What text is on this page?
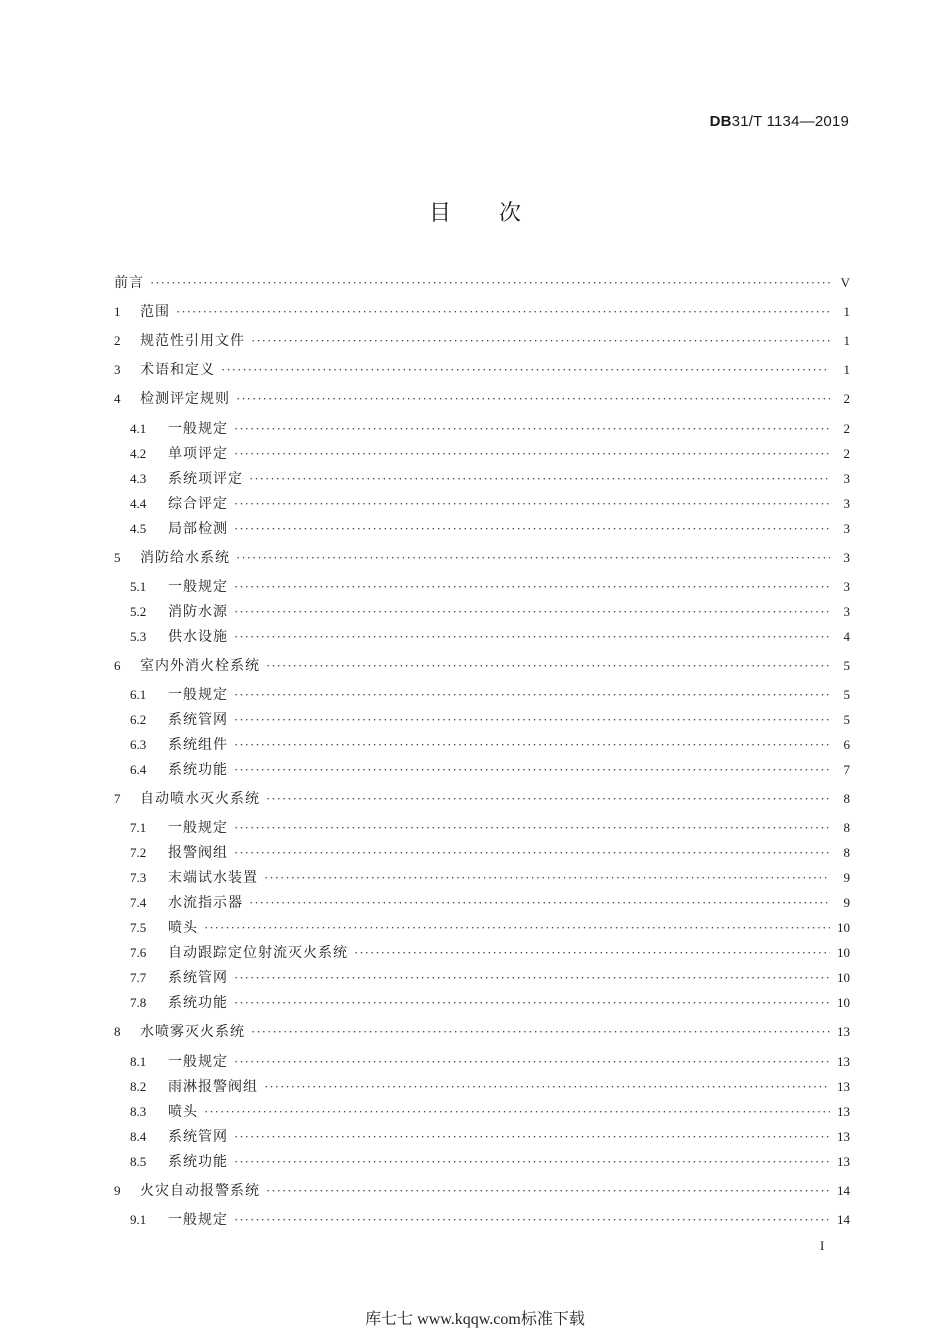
DB31/T 1134—2019
目次
前言 ·····	V
1	范围 ·····	1
2	规范性引用文件 ·····	1
3	术语和定义 ·····	1
4	检测评定规则 ·····	2
4.1	一般规定 ·····	2
4.2	单项评定 ·····	2
4.3	系统项评定 ·····	3
4.4	综合评定 ·····	3
4.5	局部检测 ·····	3
5	消防给水系统 ·····	3
5.1	一般规定 ·····	3
5.2	消防水源 ·····	3
5.3	供水设施 ·····	4
6	室内外消火栓系统 ·····	5
6.1	一般规定 ·····	5
6.2	系统管网 ·····	5
6.3	系统组件 ·····	6
6.4	系统功能 ·····	7
7	自动喷水灭火系统 ·····	8
7.1	一般规定 ·····	8
7.2	报警阀组 ·····	8
7.3	末端试水装置 ·····	9
7.4	水流指示器 ·····	9
7.5	喷头 ·····	10
7.6	自动跟踪定位射流灭火系统 ·····	10
7.7	系统管网 ·····	10
7.8	系统功能 ·····	10
8	水喷雾灭火系统 ·····	13
8.1	一般规定 ·····	13
8.2	雨淋报警阀组 ·····	13
8.3	喷头 ·····	13
8.4	系统管网 ·····	13
8.5	系统功能 ·····	13
9	火灾自动报警系统 ·····	14
9.1	一般规定 ·····	14
I
库七七 www.kqqw.com标准下载
